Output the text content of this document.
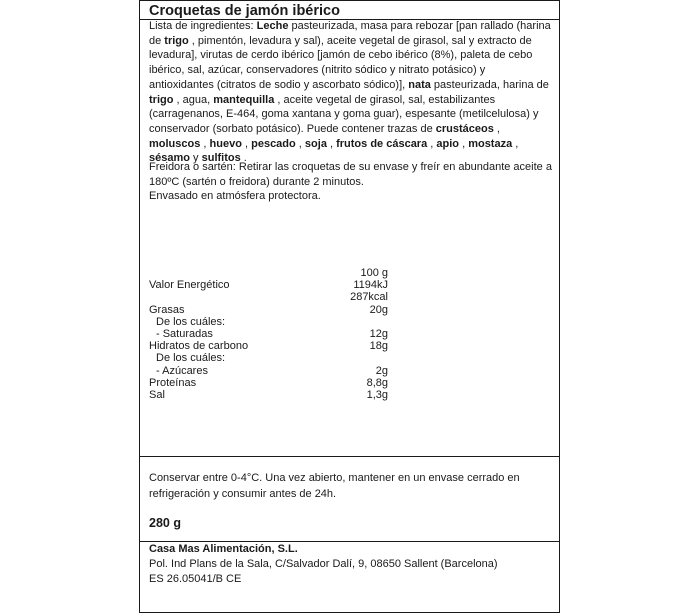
Croquetas de jamón ibérico
Lista de ingredientes: Leche pasteurizada, masa para rebozar [pan rallado (harina de trigo , pimentón, levadura y sal), aceite vegetal de girasol, sal y extracto de levadura], virutas de cerdo ibérico [jamón de cebo ibérico (8%), paleta de cebo ibérico, sal, azúcar, conservadores (nitrito sódico y nitrato potásico) y antioxidantes (citratos de sodio y ascorbato sódico)], nata pasteurizada, harina de trigo , agua, mantequilla , aceite vegetal de girasol, sal, estabilizantes (carragenanos, E-464, goma xantana y goma guar), espesante (metilcelulosa) y conservador (sorbato potásico). Puede contener trazas de crustáceos , moluscos , huevo , pescado , soja , frutos de cáscara , apio , mostaza , sésamo y sulfitos .
Freidora o sartén: Retirar las croquetas de su envase y freír en abundante aceite a
180ºC (sartén o freidora) durante 2 minutos.
Envasado en atmósfera protectora.
100 g
Valor Energético	1194kJ
287kcal
Grasas	20g
De los cuáles:
- Saturadas	12g
Hidratos de carbono	18g
De los cuáles:
- Azúcares	2g
Proteínas	8,8g
Sal	1,3g
Conservar entre 0-4°C. Una vez abierto, mantener en un envase cerrado en
refrigeración y consumir antes de 24h.
280 g
Casa Mas Alimentación, S.L.
Pol. Ind Plans de la Sala, C/Salvador Dalí, 9, 08650 Sallent (Barcelona)
ES 26.05041/B CE
